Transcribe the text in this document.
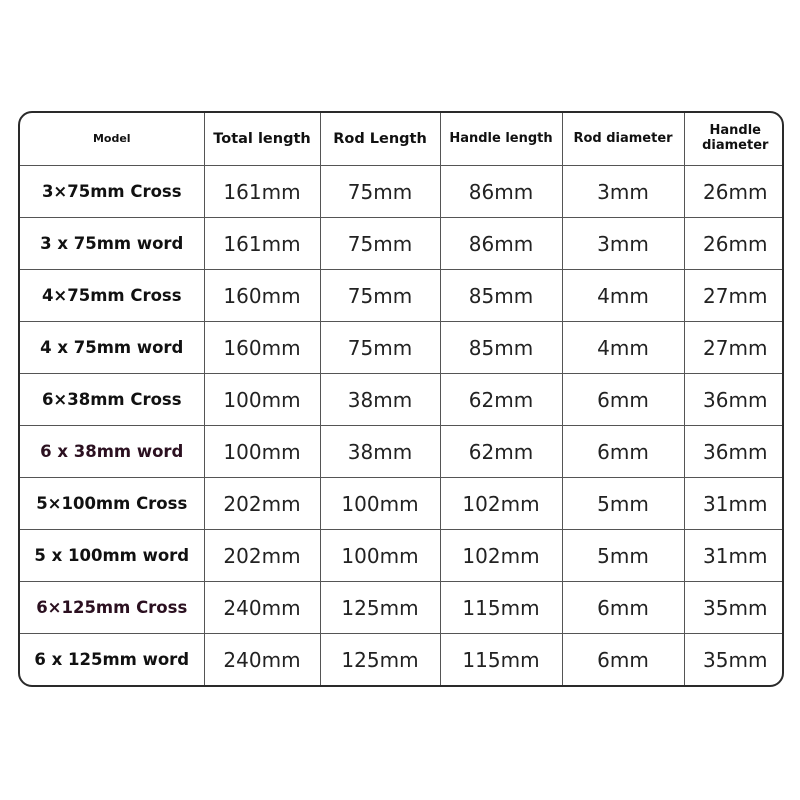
Model	Total length	Rod Length	Handle length	Rod diameter	Handle diameter
3×75mm Cross	161mm	75mm	86mm	3mm	26mm
3 x 75mm word	161mm	75mm	86mm	3mm	26mm
4×75mm Cross	160mm	75mm	85mm	4mm	27mm
4 x 75mm word	160mm	75mm	85mm	4mm	27mm
6×38mm Cross	100mm	38mm	62mm	6mm	36mm
6 x 38mm word	100mm	38mm	62mm	6mm	36mm
5×100mm Cross	202mm	100mm	102mm	5mm	31mm
5 x 100mm word	202mm	100mm	102mm	5mm	31mm
6×125mm Cross	240mm	125mm	115mm	6mm	35mm
6 x 125mm word	240mm	125mm	115mm	6mm	35mm
